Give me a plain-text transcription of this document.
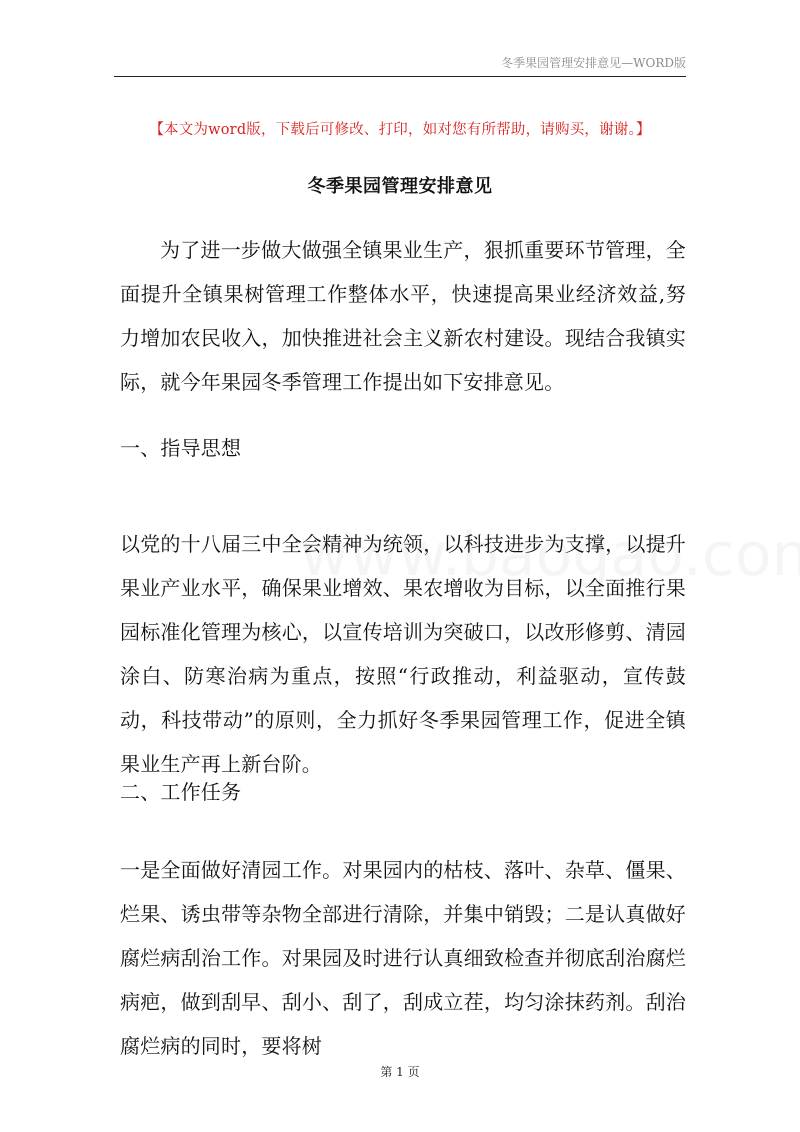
冬季果园管理安排意见—WORD版
【本文为word版，下载后可修改、打印，如对您有所帮助，请购买，谢谢。】
冬季果园管理安排意见

为了进一步做大做强全镇果业生产，狠抓重要环节管理，全面提升全镇果树管理工作整体水平，快速提高果业经济效益,努力增加农民收入，加快推进社会主义新农村建设。现结合我镇实际，就今年果园冬季管理工作提出如下安排意见。

一、指导思想

以党的十八届三中全会精神为统领，以科技进步为支撑，以提升果业产业水平，确保果业增效、果农增收为目标，以全面推行果园标准化管理为核心，以宣传培训为突破口，以改形修剪、清园涂白、防寒治病为重点，按照“行政推动，利益驱动，宣传鼓动，科技带动”的原则，全力抓好冬季果园管理工作，促进全镇果业生产再上新台阶。

二、工作任务

一是全面做好清园工作。对果园内的枯枝、落叶、杂草、僵果、烂果、诱虫带等杂物全部进行清除，并集中销毁；二是认真做好腐烂病刮治工作。对果园及时进行认真细致检查并彻底刮治腐烂病疤，做到刮早、刮小、刮了，刮成立茬，均匀涂抹药剂。刮治腐烂病的同时，要将树

第 1 页
